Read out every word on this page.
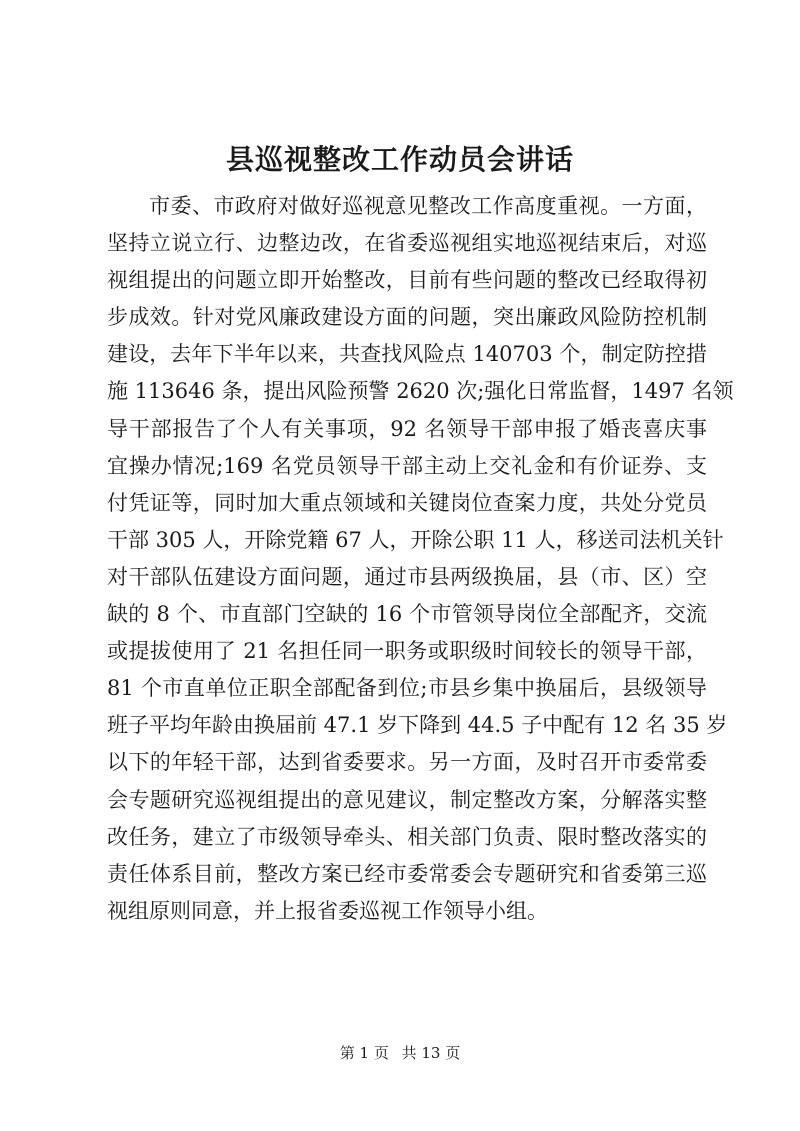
县巡视整改工作动员会讲话
市委、市政府对做好巡视意见整改工作高度重视。一方面，
坚持立说立行、边整边改，在省委巡视组实地巡视结束后，对巡
视组提出的问题立即开始整改，目前有些问题的整改已经取得初
步成效。针对党风廉政建设方面的问题，突出廉政风险防控机制
建设，去年下半年以来，共查找风险点 140703 个，制定防控措
施 113646 条，提出风险预警 2620 次;强化日常监督，1497 名领
导干部报告了个人有关事项，92 名领导干部申报了婚丧喜庆事
宜操办情况;169 名党员领导干部主动上交礼金和有价证券、支
付凭证等，同时加大重点领域和关键岗位查案力度，共处分党员
干部 305 人，开除党籍 67 人，开除公职 11 人，移送司法机关针
对干部队伍建设方面问题，通过市县两级换届，县（市、区）空
缺的 8 个、市直部门空缺的 16 个市管领导岗位全部配齐，交流
或提拔使用了 21 名担任同一职务或职级时间较长的领导干部，
81 个市直单位正职全部配备到位;市县乡集中换届后，县级领导
班子平均年龄由换届前 47.1 岁下降到 44.5 子中配有 12 名 35 岁
以下的年轻干部，达到省委要求。另一方面，及时召开市委常委
会专题研究巡视组提出的意见建议，制定整改方案，分解落实整
改任务，建立了市级领导牵头、相关部门负责、限时整改落实的
责任体系目前，整改方案已经市委常委会专题研究和省委第三巡
视组原则同意，并上报省委巡视工作领导小组。
第 1 页 共 13 页
